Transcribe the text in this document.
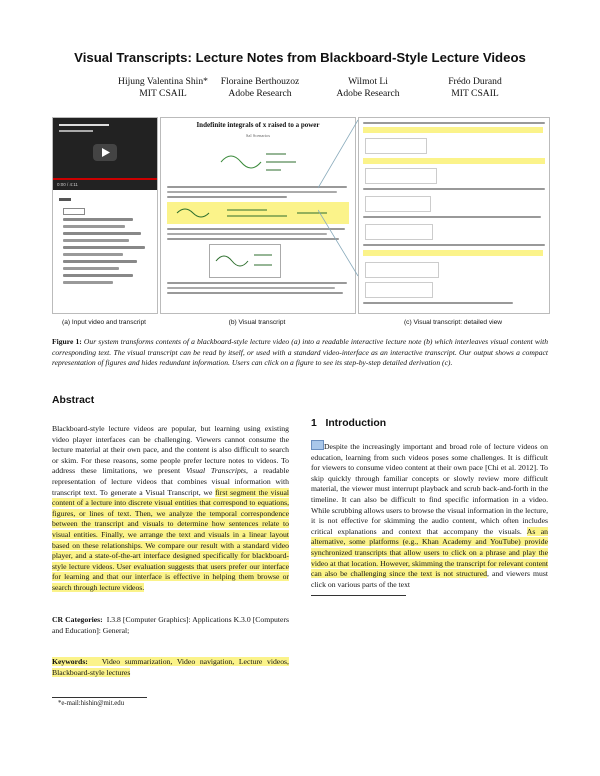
Visual Transcripts: Lecture Notes from Blackboard-Style Lecture Videos
Hijung Valentina Shin*
MIT CSAIL
Floraine Berthouzoz
Adobe Research
Wilmot Li
Adobe Research
Frédo Durand
MIT CSAIL
0:00 / 4:11
Indefinite integrals of x raised to a power
Sal Scenarios
(a) Input video and transcript	(b) Visual transcript	(c) Visual transcript: detailed view
Figure 1: Our system transforms contents of a blackboard-style lecture video (a) into a readable interactive lecture note (b) which interleaves visual content with corresponding text. The visual transcript can be read by itself, or used with a standard video-interface as an interactive transcript. Our output shows a compact representation of figures and hides redundant information. Users can click on a figure to see its step-by-step detailed derivation (c).
Abstract

Blackboard-style lecture videos are popular, but learning using existing video player interfaces can be challenging. Viewers cannot consume the lecture material at their own pace, and the content is also difficult to search or skim. For these reasons, some people prefer lecture notes to videos. To address these limitations, we present Visual Transcripts, a readable representation of lecture videos that combines visual information with transcript text. To generate a Visual Transcript, we first segment the visual content of a lecture into discrete visual entities that correspond to equations, figures, or lines of text. Then, we analyze the temporal correspondence between the transcript and visuals to determine how sentences relate to visual entities. Finally, we arrange the text and visuals in a linear layout based on these relationships. We compare our result with a standard video player, and a state-of-the-art interface designed specifically for blackboard-style lecture videos. User evaluation suggests that users prefer our interface for learning and that our interface is effective in helping them browse or search through lecture videos.

CR Categories: I.3.8 [Computer Graphics]: Applications K.3.0 [Computers and Education]: General;
Keywords: Video summarization, Video navigation, Lecture videos, Blackboard-style lectures
*e-mail:hishin@mit.edu
1 Introduction

Despite the increasingly important and broad role of lecture videos on education, learning from such videos poses some challenges. It is difficult for viewers to consume video content at their own pace [Chi et al. 2012]. To skip quickly through familiar concepts or slowly review more difficult material, the viewer must interrupt playback and scrub back-and-forth in the timeline. It can also be difficult to find specific information in a video. While scrubbing allows users to browse the visual information in the lecture, it is not effective for skimming the audio content, which often includes critical explanations and context that accompany the visuals. As an alternative, some platforms (e.g., Khan Academy and YouTube) provide synchronized transcripts that allow users to click on a phrase and play the video at that location. However, skimming the transcript for relevant content can also be challenging since the text is not structured, and viewers must click on various parts of the text
